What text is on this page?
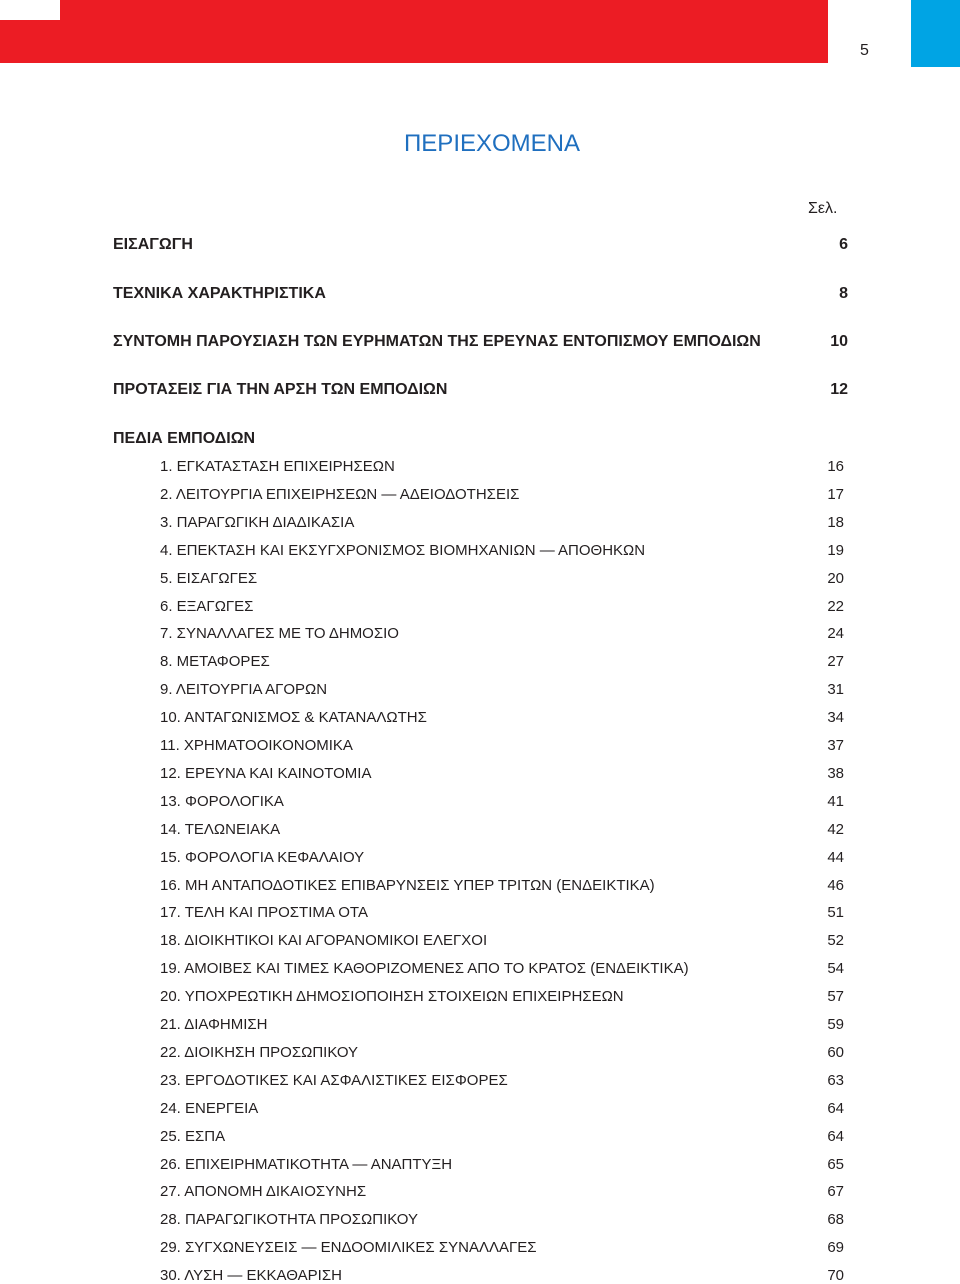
5
ΠΕΡΙΕΧΟΜΕΝΑ
Σελ.
ΕΙΣΑΓΩΓΗ	6
ΤΕΧΝΙΚΑ ΧΑΡΑΚΤΗΡΙΣΤΙΚΑ	8
ΣΥΝΤΟΜΗ ΠΑΡΟΥΣΙΑΣΗ ΤΩΝ ΕΥΡΗΜΑΤΩΝ ΤΗΣ ΕΡΕΥΝΑΣ ΕΝΤΟΠΙΣΜΟΥ ΕΜΠΟΔΙΩΝ	10
ΠΡΟΤΑΣΕΙΣ ΓΙΑ ΤΗΝ ΑΡΣΗ ΤΩΝ ΕΜΠΟΔΙΩΝ	12
ΠΕΔΙΑ ΕΜΠΟΔΙΩΝ
1. ΕΓΚΑΤΑΣΤΑΣΗ ΕΠΙΧΕΙΡΗΣΕΩΝ	16
2. ΛΕΙΤΟΥΡΓΙΑ ΕΠΙΧΕΙΡΗΣΕΩΝ — ΑΔΕΙΟΔΟΤΗΣΕΙΣ	17
3. ΠΑΡΑΓΩΓΙΚΗ ΔΙΑΔΙΚΑΣΙΑ	18
4. ΕΠΕΚΤΑΣΗ ΚΑΙ ΕΚΣΥΓΧΡΟΝΙΣΜΟΣ ΒΙΟΜΗΧΑΝΙΩΝ — ΑΠΟΘΗΚΩΝ	19
5. ΕΙΣΑΓΩΓΕΣ	20
6. ΕΞΑΓΩΓΕΣ	22
7. ΣΥΝΑΛΛΑΓΕΣ ΜΕ ΤΟ ΔΗΜΟΣΙΟ	24
8. ΜΕΤΑΦΟΡΕΣ	27
9. ΛΕΙΤΟΥΡΓΙΑ ΑΓΟΡΩΝ	31
10. ΑΝΤΑΓΩΝΙΣΜΟΣ & ΚΑΤΑΝΑΛΩΤΗΣ	34
11. ΧΡΗΜΑΤΟΟΙΚΟΝΟΜΙΚΑ	37
12. ΕΡΕΥΝΑ ΚΑΙ ΚΑΙΝΟΤΟΜΙΑ	38
13. ΦΟΡΟΛΟΓΙΚΑ	41
14. ΤΕΛΩΝΕΙΑΚΑ	42
15. ΦΟΡΟΛΟΓΙΑ ΚΕΦΑΛΑΙΟΥ	44
16. ΜΗ ΑΝΤΑΠΟΔΟΤΙΚΕΣ ΕΠΙΒΑΡΥΝΣΕΙΣ ΥΠΕΡ ΤΡΙΤΩΝ (ΕΝΔΕΙΚΤΙΚΑ)	46
17. ΤΕΛΗ ΚΑΙ ΠΡΟΣΤΙΜΑ ΟΤΑ	51
18. ΔΙΟΙΚΗΤΙΚΟΙ ΚΑΙ ΑΓΟΡΑΝΟΜΙΚΟΙ ΕΛΕΓΧΟΙ	52
19. ΑΜΟΙΒΕΣ ΚΑΙ ΤΙΜΕΣ ΚΑΘΟΡΙΖΟΜΕΝΕΣ ΑΠΟ ΤΟ ΚΡΑΤΟΣ (ΕΝΔΕΙΚΤΙΚΑ)	54
20. ΥΠΟΧΡΕΩΤΙΚΗ ΔΗΜΟΣΙΟΠΟΙΗΣΗ ΣΤΟΙΧΕΙΩΝ ΕΠΙΧΕΙΡΗΣΕΩΝ	57
21. ΔΙΑΦΗΜΙΣΗ	59
22. ΔΙΟΙΚΗΣΗ ΠΡΟΣΩΠΙΚΟΥ	60
23. ΕΡΓΟΔΟΤΙΚΕΣ ΚΑΙ ΑΣΦΑΛΙΣΤΙΚΕΣ ΕΙΣΦΟΡΕΣ	63
24. ΕΝΕΡΓΕΙΑ	64
25. ΕΣΠΑ	64
26. ΕΠΙΧΕΙΡΗΜΑΤΙΚΟΤΗΤΑ — ΑΝΑΠΤΥΞΗ	65
27. ΑΠΟΝΟΜΗ ΔΙΚΑΙΟΣΥΝΗΣ	67
28. ΠΑΡΑΓΩΓΙΚΟΤΗΤΑ ΠΡΟΣΩΠΙΚΟΥ	68
29. ΣΥΓΧΩΝΕΥΣΕΙΣ — ΕΝΔΟΟΜΙΛΙΚΕΣ ΣΥΝΑΛΛΑΓΕΣ	69
30. ΛΥΣΗ — ΕΚΚΑΘΑΡΙΣΗ	70
